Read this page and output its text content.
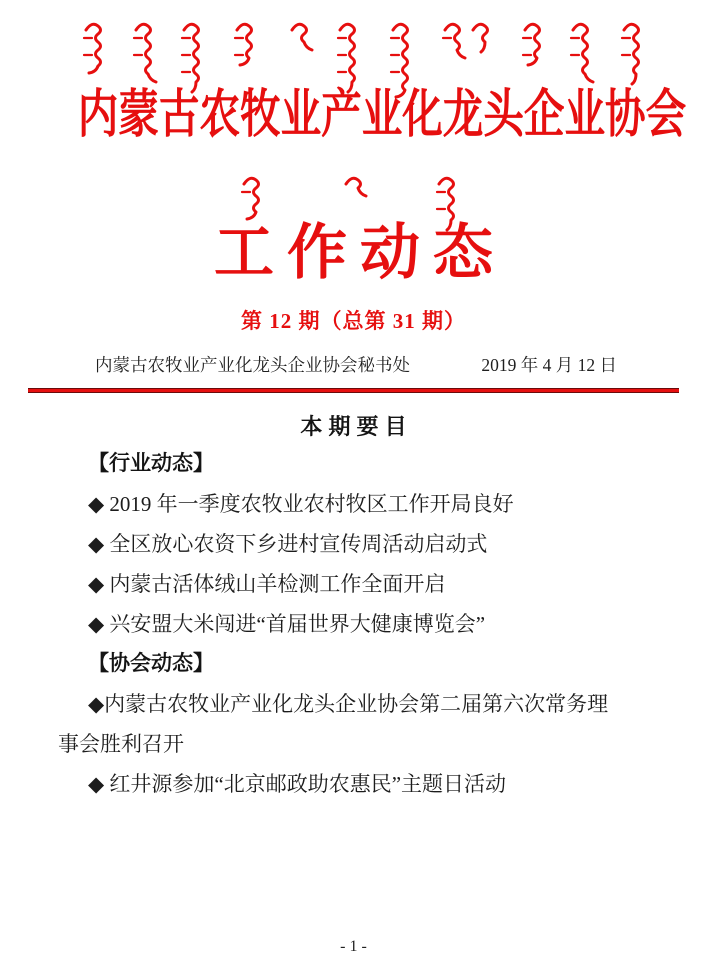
内蒙古农牧业产业化龙头企业协会
工作动态
第 12 期（总第 31 期）
内蒙古农牧业产业化龙头企业协会秘书处	2019 年 4 月 12 日
本 期 要 目

【行业动态】

◆ 2019 年一季度农牧业农村牧区工作开局良好

◆ 全区放心农资下乡进村宣传周活动启动式

◆ 内蒙古活体绒山羊检测工作全面开启

◆ 兴安盟大米闯进“首届世界大健康博览会”

【协会动态】

◆内蒙古农牧业产业化龙头企业协会第二届第六次常务理事会胜利召开

◆ 红井源参加“北京邮政助农惠民”主题日活动

- 1 -
